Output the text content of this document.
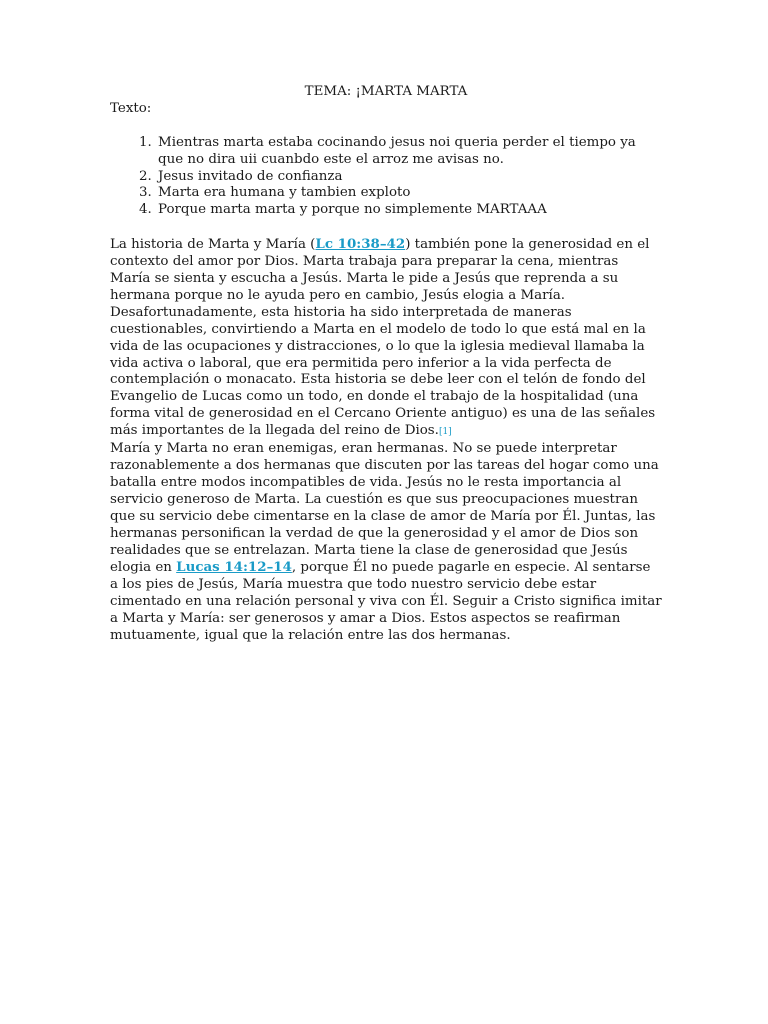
TEMA: ¡MARTA MARTA

Texto:

1. Mientras marta estaba cocinando jesus noi queria perder el tiempo ya que no dira uii cuanbdo este el arroz me avisas no.
2. Jesus invitado de confianza
3. Marta era humana y tambien exploto
4. Porque marta marta y porque no simplemente MARTAAA

La historia de Marta y María (Lc 10:38–42) también pone la generosidad en el contexto del amor por Dios. Marta trabaja para preparar la cena, mientras María se sienta y escucha a Jesús. Marta le pide a Jesús que reprenda a su hermana porque no le ayuda pero en cambio, Jesús elogia a María. Desafortunadamente, esta historia ha sido interpretada de maneras cuestionables, convirtiendo a Marta en el modelo de todo lo que está mal en la vida de las ocupaciones y distracciones, o lo que la iglesia medieval llamaba la vida activa o laboral, que era permitida pero inferior a la vida perfecta de contemplación o monacato. Esta historia se debe leer con el telón de fondo del Evangelio de Lucas como un todo, en donde el trabajo de la hospitalidad (una forma vital de generosidad en el Cercano Oriente antiguo) es una de las señales más importantes de la llegada del reino de Dios.[1]

María y Marta no eran enemigas, eran hermanas. No se puede interpretar razonablemente a dos hermanas que discuten por las tareas del hogar como una batalla entre modos incompatibles de vida. Jesús no le resta importancia al servicio generoso de Marta. La cuestión es que sus preocupaciones muestran que su servicio debe cimentarse en la clase de amor de María por Él. Juntas, las hermanas personifican la verdad de que la generosidad y el amor de Dios son realidades que se entrelazan. Marta tiene la clase de generosidad que Jesús elogia en Lucas 14:12–14, porque Él no puede pagarle en especie. Al sentarse a los pies de Jesús, María muestra que todo nuestro servicio debe estar cimentado en una relación personal y viva con Él. Seguir a Cristo significa imitar a Marta y María: ser generosos y amar a Dios. Estos aspectos se reafirman mutuamente, igual que la relación entre las dos hermanas.
